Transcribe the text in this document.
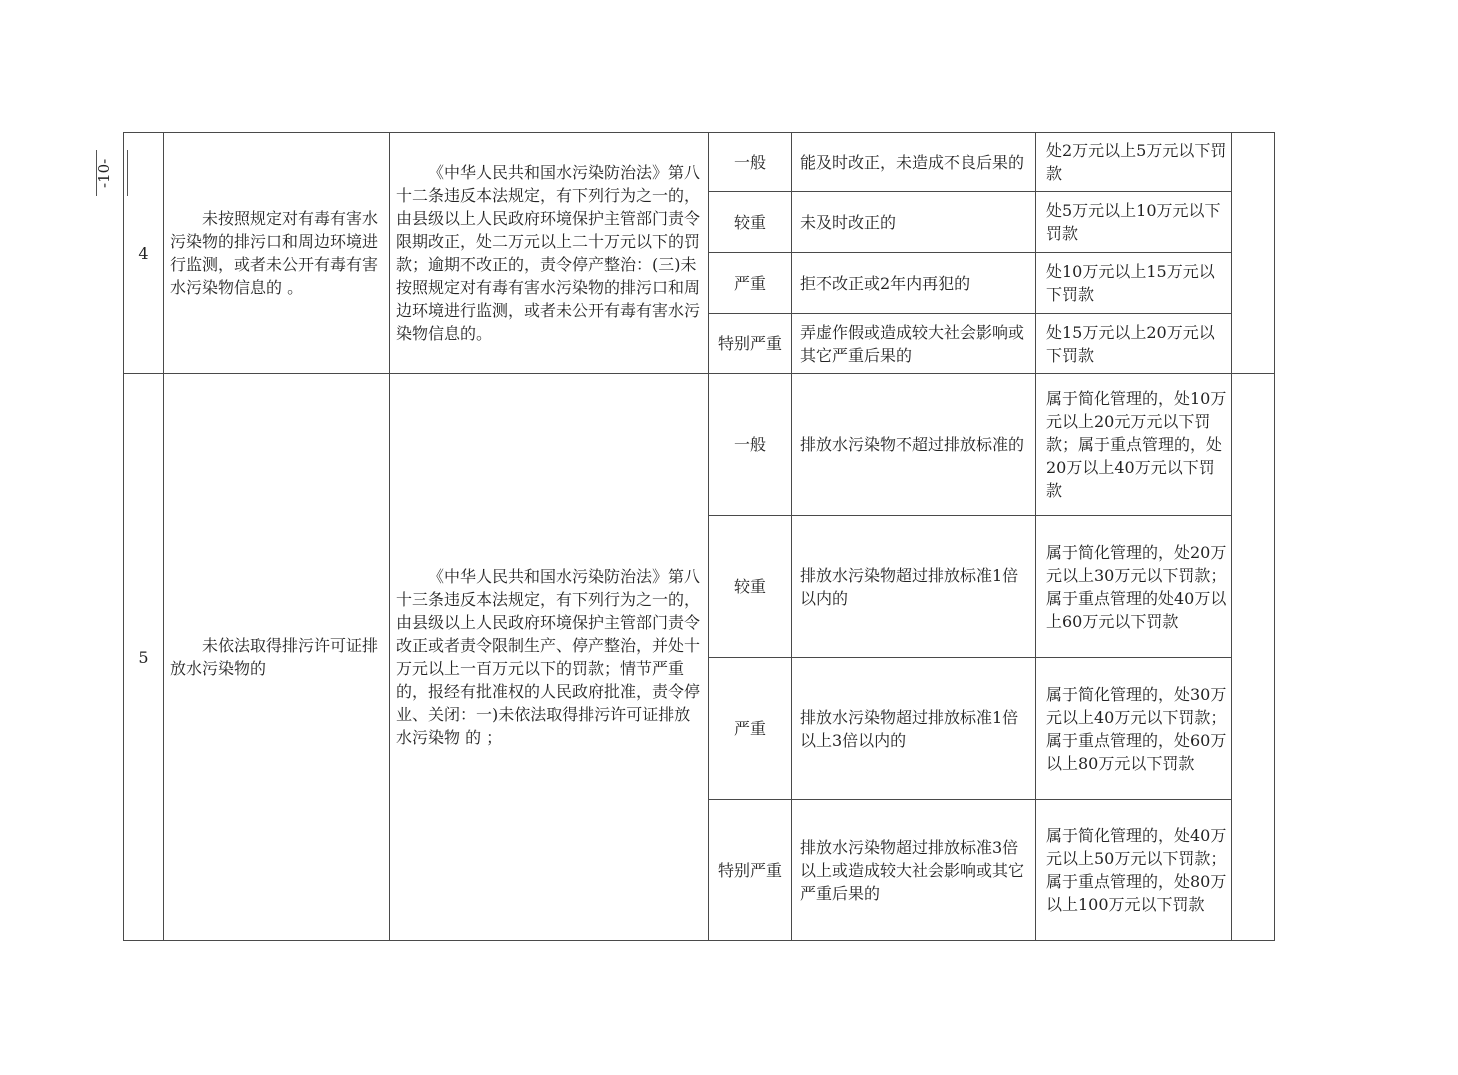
-10-
4	未按照规定对有毒有害水污染物的排污口和周边环境进行监测，或者未公开有毒有害水污染物信息的 。	《中华人民共和国水污染防治法》第八十二条违反本法规定，有下列行为之一的，由县级以上人民政府环境保护主管部门责令限期改正，处二万元以上二十万元以下的罚款；逾期不改正的，责令停产整治：(三)未按照规定对有毒有害水污染物的排污口和周边环境进行监测，或者未公开有毒有害水污染物信息的。	一般	能及时改正，未造成不良后果的	处2万元以上5万元以下罚款	
			较重	未及时改正的	处5万元以上10万元以下罚款	
			严重	拒不改正或2年内再犯的	处10万元以上15万元以下罚款	
			特别严重	弄虚作假或造成较大社会影响或其它严重后果的	处15万元以上20万元以下罚款	
5	未依法取得排污许可证排放水污染物的	《中华人民共和国水污染防治法》第八十三条违反本法规定，有下列行为之一的，由县级以上人民政府环境保护主管部门责令改正或者责令限制生产、停产整治，并处十万元以上一百万元以下的罚款；情节严重的，报经有批准权的人民政府批准，责令停业、关闭：一)未依法取得排污许可证排放水污染物 的 ；	一般	排放水污染物不超过排放标准的	属于简化管理的，处10万元以上20元万元以下罚款；属于重点管理的，处20万以上40万元以下罚款	
			较重	排放水污染物超过排放标准1倍以内的	属于简化管理的，处20万元以上30万元以下罚款；属于重点管理的处40万以上60万元以下罚款	
			严重	排放水污染物超过排放标准1倍以上3倍以内的	属于简化管理的，处30万元以上40万元以下罚款；属于重点管理的，处60万以上80万元以下罚款	
			特别严重	排放水污染物超过排放标准3倍以上或造成较大社会影响或其它严重后果的	属于简化管理的，处40万元以上50万元以下罚款；属于重点管理的，处80万以上100万元以下罚款	
